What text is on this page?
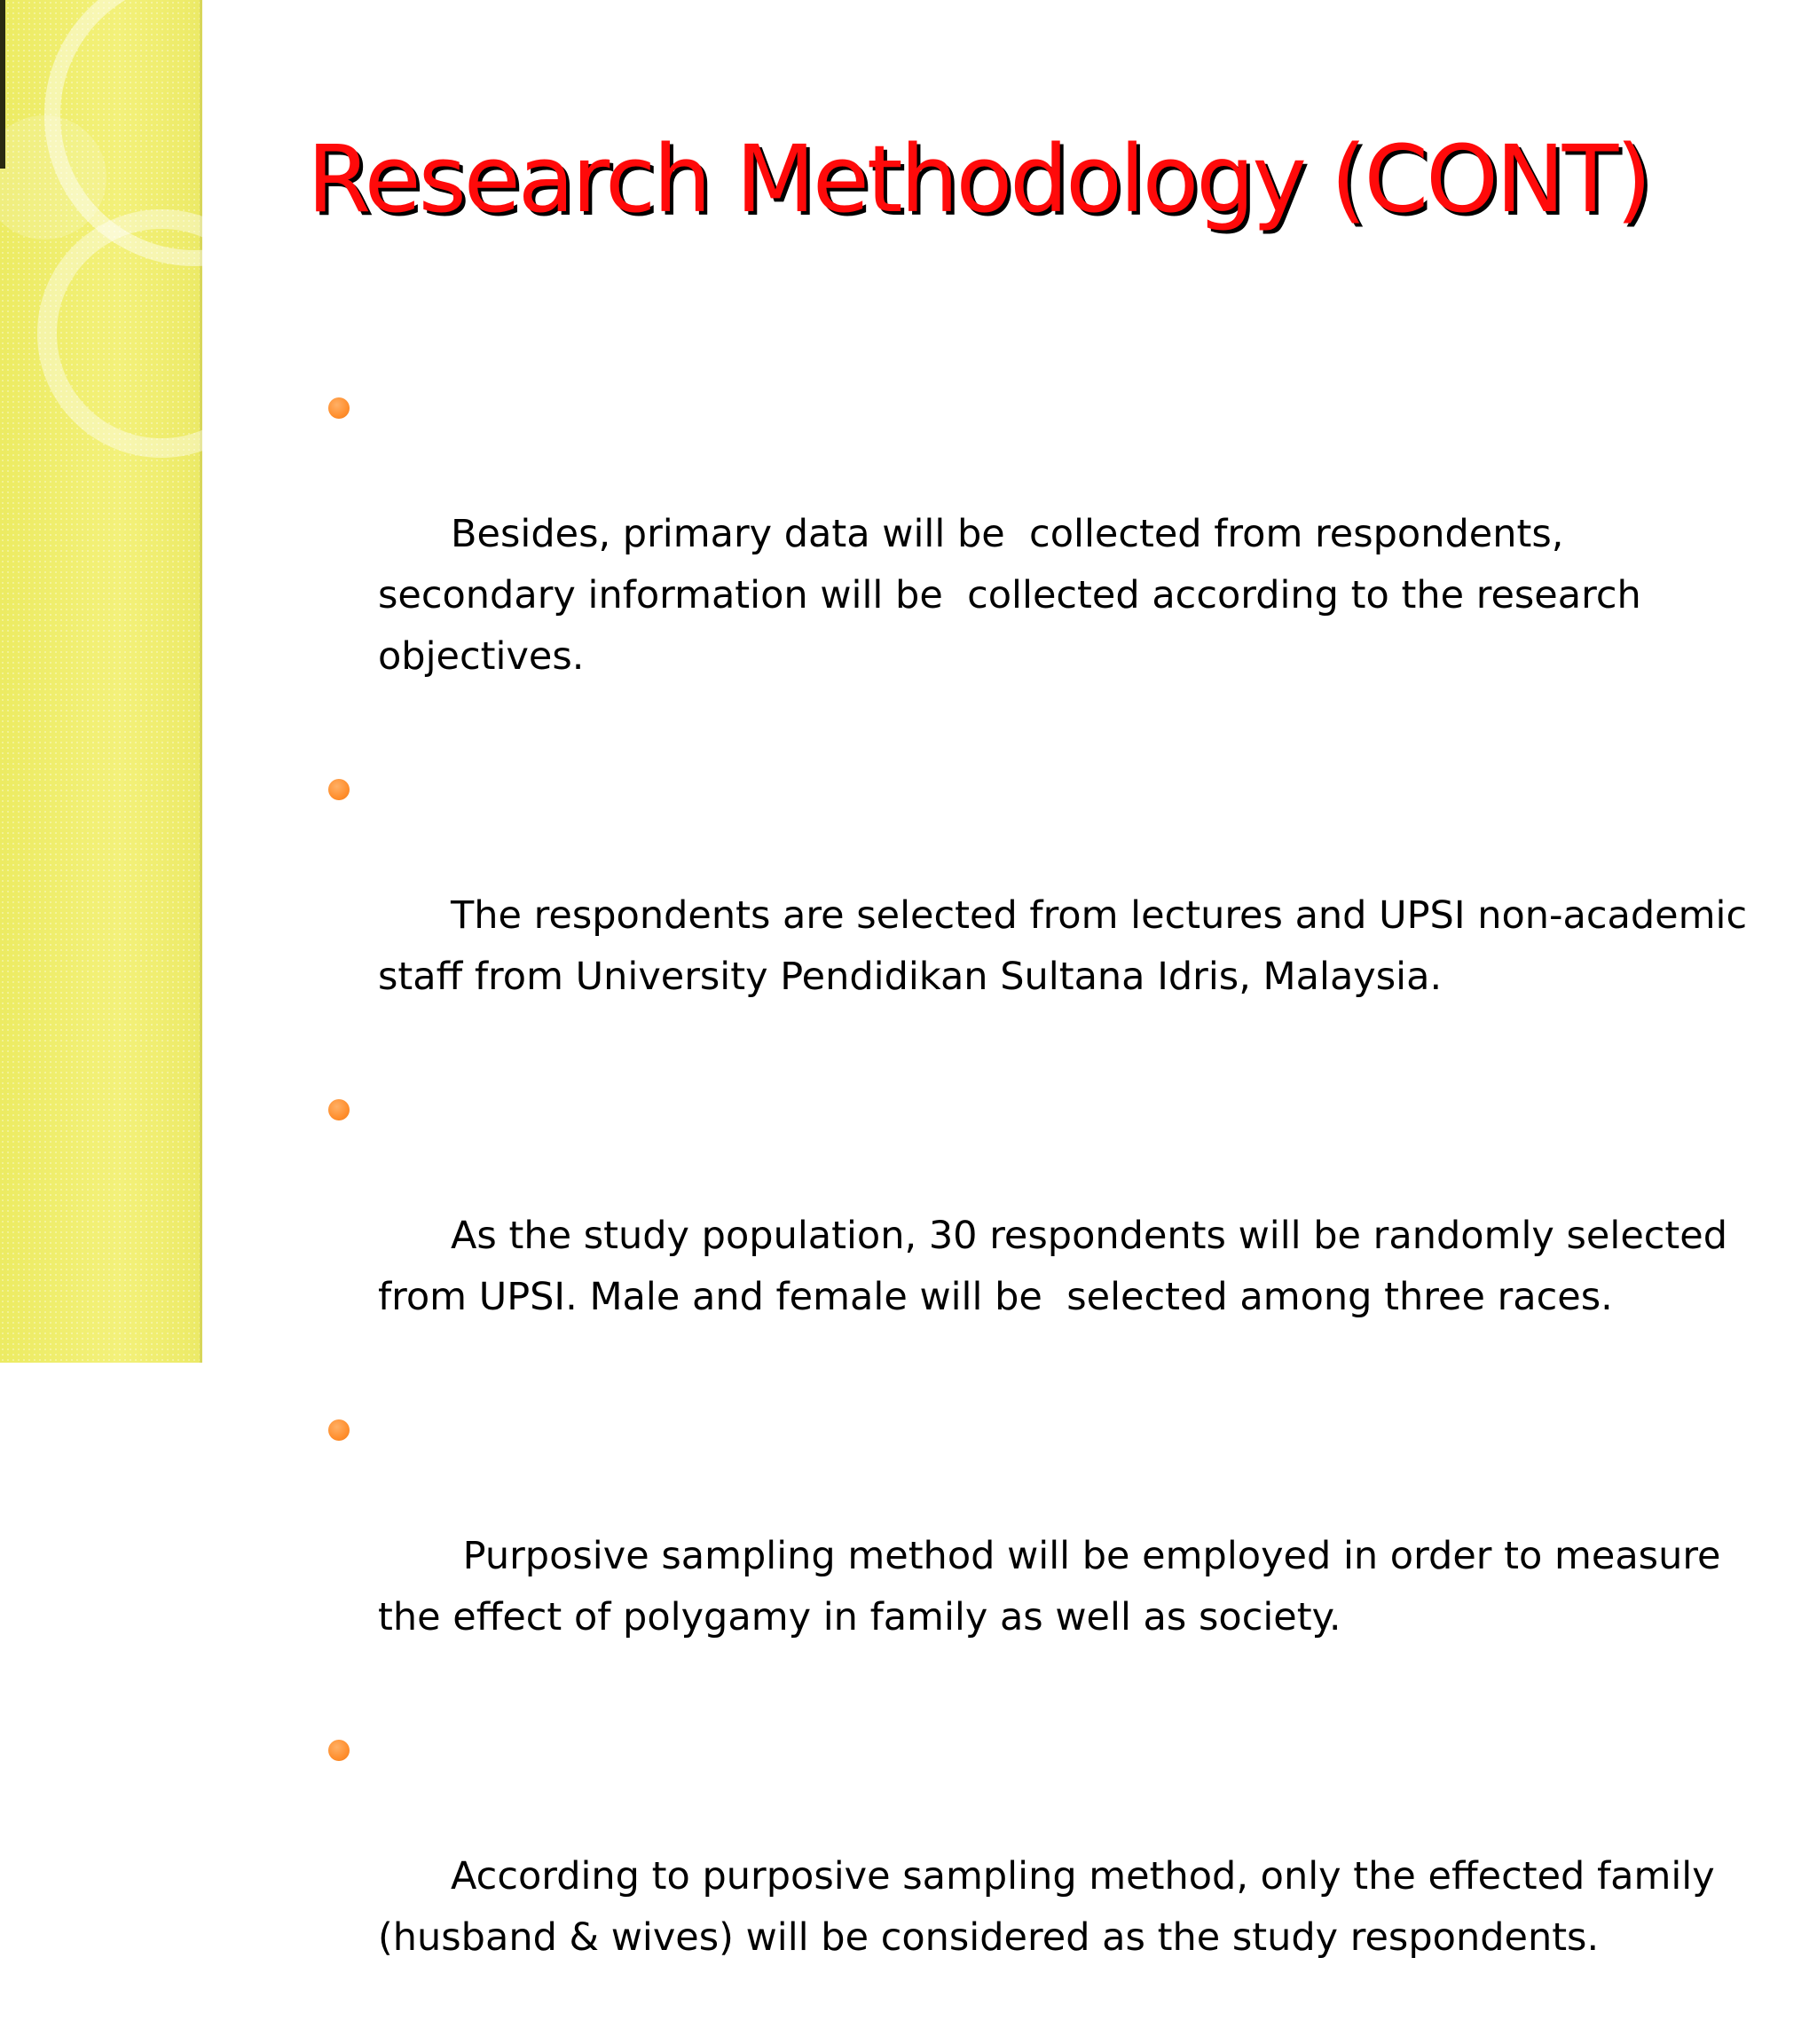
Research Methodology (CONT)

Besides, primary data will be  collected from respondents, secondary information will be  collected according to the research objectives.

The respondents are selected from lectures and UPSI non-academic staff from University Pendidikan Sultana Idris, Malaysia.

As the study population, 30 respondents will be randomly selected from UPSI. Male and female will be  selected among three races.

Purposive sampling method will be employed in order to measure the effect of polygamy in family as well as society.

According to purposive sampling method, only the effected family (husband & wives) will be considered as the study respondents.
